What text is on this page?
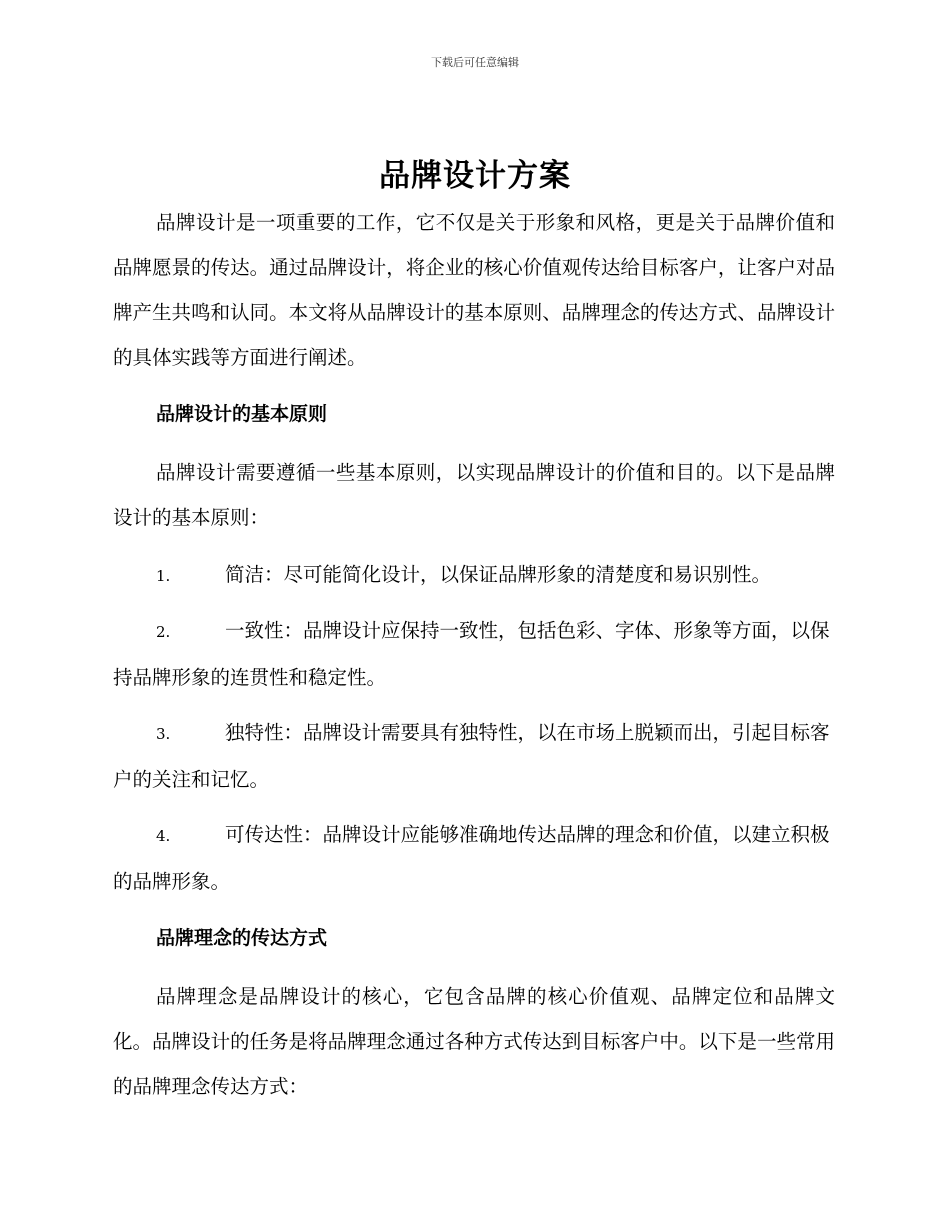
下载后可任意编辑
品牌设计方案

品牌设计是一项重要的工作，它不仅是关于形象和风格，更是关于品牌价值和品牌愿景的传达。通过品牌设计，将企业的核心价值观传达给目标客户，让客户对品牌产生共鸣和认同。本文将从品牌设计的基本原则、品牌理念的传达方式、品牌设计的具体实践等方面进行阐述。

品牌设计的基本原则

品牌设计需要遵循一些基本原则，以实现品牌设计的价值和目的。以下是品牌设计的基本原则：

1.	简洁：尽可能简化设计，以保证品牌形象的清楚度和易识别性。

2.	一致性：品牌设计应保持一致性，包括色彩、字体、形象等方面，以保持品牌形象的连贯性和稳定性。

3.	独特性：品牌设计需要具有独特性，以在市场上脱颖而出，引起目标客户的关注和记忆。

4.	可传达性：品牌设计应能够准确地传达品牌的理念和价值，以建立积极的品牌形象。

品牌理念的传达方式

品牌理念是品牌设计的核心，它包含品牌的核心价值观、品牌定位和品牌文化。品牌设计的任务是将品牌理念通过各种方式传达到目标客户中。以下是一些常用的品牌理念传达方式：
